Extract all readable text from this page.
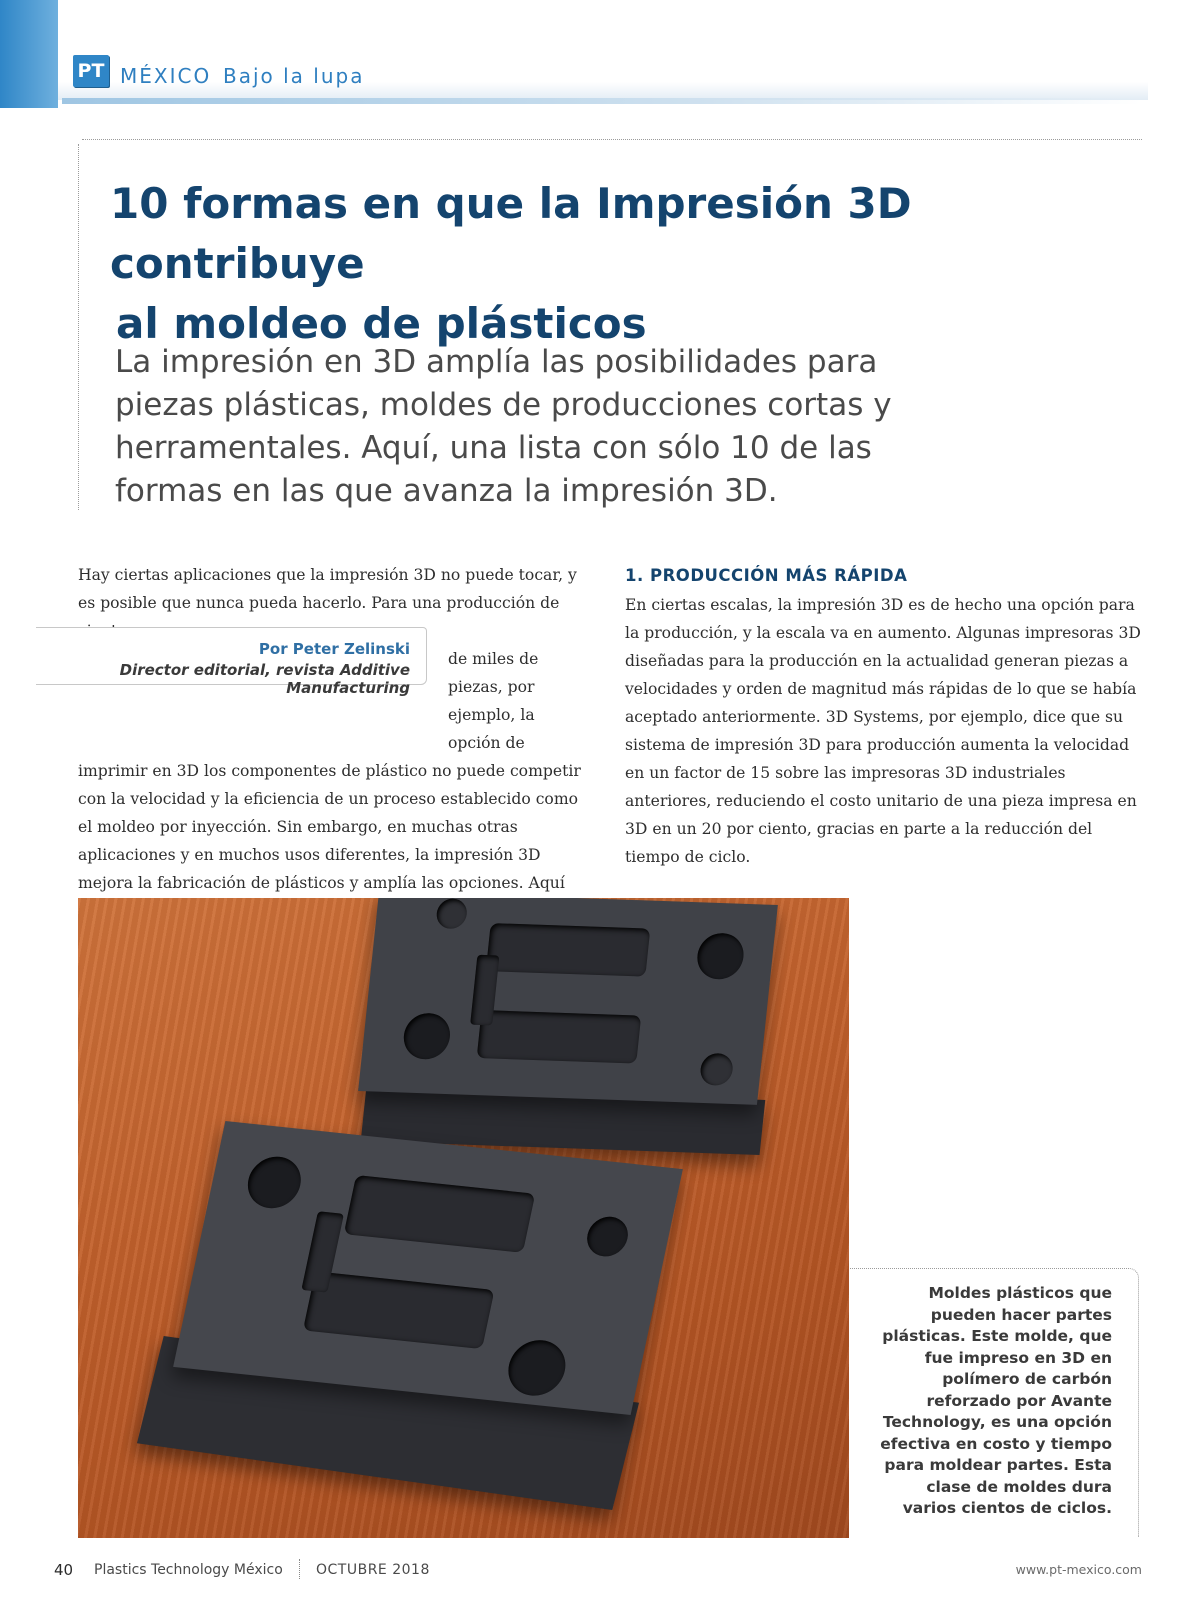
PT MÉXICO Bajo la lupa
10 formas en que la Impresión 3D contribuye
al moldeo de plásticos
La impresión en 3D amplía las posibilidades para piezas plásticas, moldes de producciones cortas y herramentales. Aquí, una lista con sólo 10 de las formas en las que avanza la impresión 3D.

Hay ciertas aplicaciones que la impresión 3D no puede tocar, y es posible que nunca pueda hacerlo. Para una producción de

de miles de piezas, por ejemplo, la opción de imprimir en 3D los componentes de plástico no puede competir con la velocidad y la eficiencia de un proceso establecido como el moldeo por inyección. Sin embargo, en muchas otras aplicaciones y en muchos usos diferentes, la impresión 3D mejora la fabricación de plásticos y amplía las opciones. Aquí

Por Peter Zelinski
Director editorial, revista Additive Manufacturing
1. PRODUCCIÓN MÁS RÁPIDA

En ciertas escalas, la impresión 3D es de hecho una opción para la producción, y la escala va en aumento. Algunas impresoras 3D diseñadas para la producción en la actualidad generan piezas a velocidades y orden de magnitud más rápidas de lo que se había aceptado anteriormente. 3D Systems, por ejemplo, dice que su sistema de impresión 3D para producción aumenta la velocidad en un factor de 15 sobre las impresoras 3D industriales anteriores, reduciendo el costo unitario de una pieza impresa en 3D en un 20 por ciento, gracias en parte a la reducción del tiempo de ciclo.

Moldes plásticos que pueden hacer partes plásticas. Este molde, que fue impreso en 3D en polímero de carbón reforzado por Avante Technology, es una opción efectiva en costo y tiempo para moldear partes. Esta clase de moldes dura varios cientos de ciclos.
40 Plastics Technology México OCTUBRE 2018	www.pt-mexico.com
